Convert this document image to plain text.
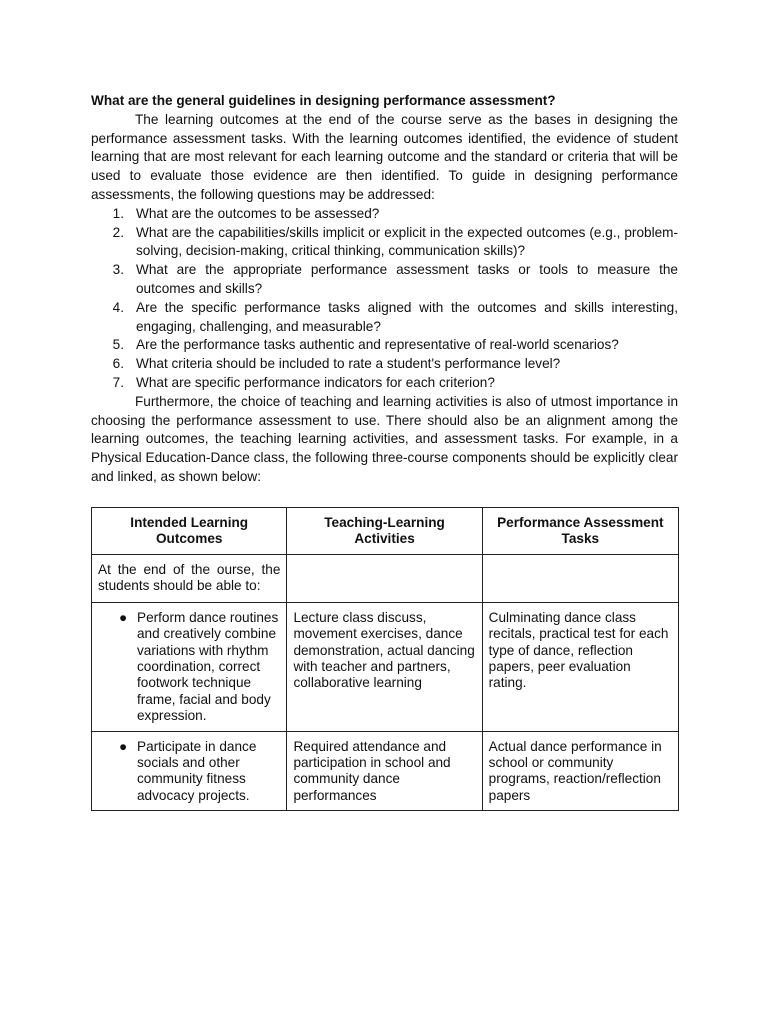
What are the general guidelines in designing performance assessment?

The learning outcomes at the end of the course serve as the bases in designing the performance assessment tasks. With the learning outcomes identified, the evidence of student learning that are most relevant for each learning outcome and the standard or criteria that will be used to evaluate those evidence are then identified. To guide in designing performance assessments, the following questions may be addressed:

1. What are the outcomes to be assessed?
2. What are the capabilities/skills implicit or explicit in the expected outcomes (e.g., problem-solving, decision-making, critical thinking, communication skills)?
3. What are the appropriate performance assessment tasks or tools to measure the outcomes and skills?
4. Are the specific performance tasks aligned with the outcomes and skills interesting, engaging, challenging, and measurable?
5. Are the performance tasks authentic and representative of real-world scenarios?
6. What criteria should be included to rate a student's performance level?
7. What are specific performance indicators for each criterion?

Furthermore, the choice of teaching and learning activities is also of utmost importance in choosing the performance assessment to use. There should also be an alignment among the learning outcomes, the teaching learning activities, and assessment tasks. For example, in a Physical Education-Dance class, the following three-course components should be explicitly clear and linked, as shown below:

Intended Learning Outcomes	Teaching-Learning Activities	Performance Assessment Tasks
At the end of the ourse, the students should be able to:		

● Perform dance routines and creatively combine variations with rhythm coordination, correct footwork technique frame, facial and body expression.	Lecture class discuss, movement exercises, dance demonstration, actual dancing with teacher and partners, collaborative learning	Culminating dance class recitals, practical test for each type of dance, reflection papers, peer evaluation rating.

● Participate in dance socials and other community fitness advocacy projects.	Required attendance and participation in school and community dance performances	Actual dance performance in school or community programs, reaction/reflection papers
